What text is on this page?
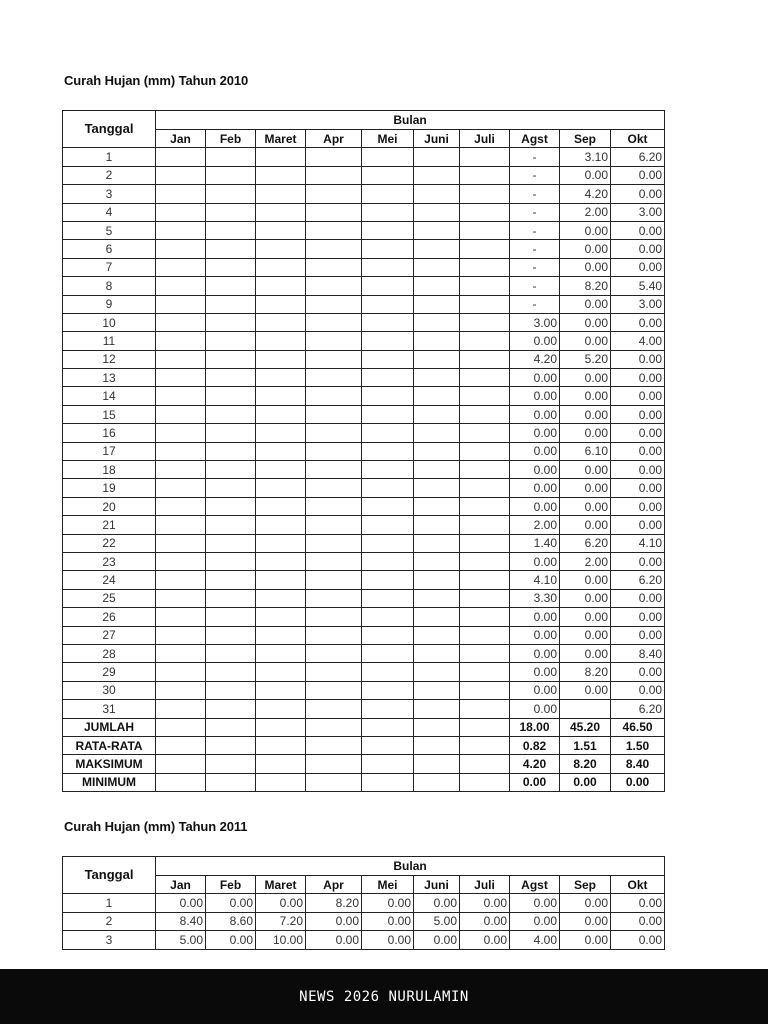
Curah Hujan (mm) Tahun 2010
Tanggal	Bulan									
	Jan	Feb	Maret	Apr	Mei	Juni	Juli	Agst	Sep	Okt
1								-	3.10	6.20
2								-	0.00	0.00
3								-	4.20	0.00
4								-	2.00	3.00
5								-	0.00	0.00
6								-	0.00	0.00
7								-	0.00	0.00
8								-	8.20	5.40
9								-	0.00	3.00
10								3.00	0.00	0.00
11								0.00	0.00	4.00
12								4.20	5.20	0.00
13								0.00	0.00	0.00
14								0.00	0.00	0.00
15								0.00	0.00	0.00
16								0.00	0.00	0.00
17								0.00	6.10	0.00
18								0.00	0.00	0.00
19								0.00	0.00	0.00
20								0.00	0.00	0.00
21								2.00	0.00	0.00
22								1.40	6.20	4.10
23								0.00	2.00	0.00
24								4.10	0.00	6.20
25								3.30	0.00	0.00
26								0.00	0.00	0.00
27								0.00	0.00	0.00
28								0.00	0.00	8.40
29								0.00	8.20	0.00
30								0.00	0.00	0.00
31								0.00		6.20
JUMLAH								18.00	45.20	46.50
RATA-RATA								0.82	1.51	1.50
MAKSIMUM								4.20	8.20	8.40
MINIMUM								0.00	0.00	0.00
Curah Hujan (mm) Tahun 2011
Tanggal	Bulan									
	Jan	Feb	Maret	Apr	Mei	Juni	Juli	Agst	Sep	Okt
1	0.00	0.00	0.00	8.20	0.00	0.00	0.00	0.00	0.00	0.00
2	8.40	8.60	7.20	0.00	0.00	5.00	0.00	0.00	0.00	0.00
3	5.00	0.00	10.00	0.00	0.00	0.00	0.00	4.00	0.00	0.00
NEWS 2026 NURULAMIN
